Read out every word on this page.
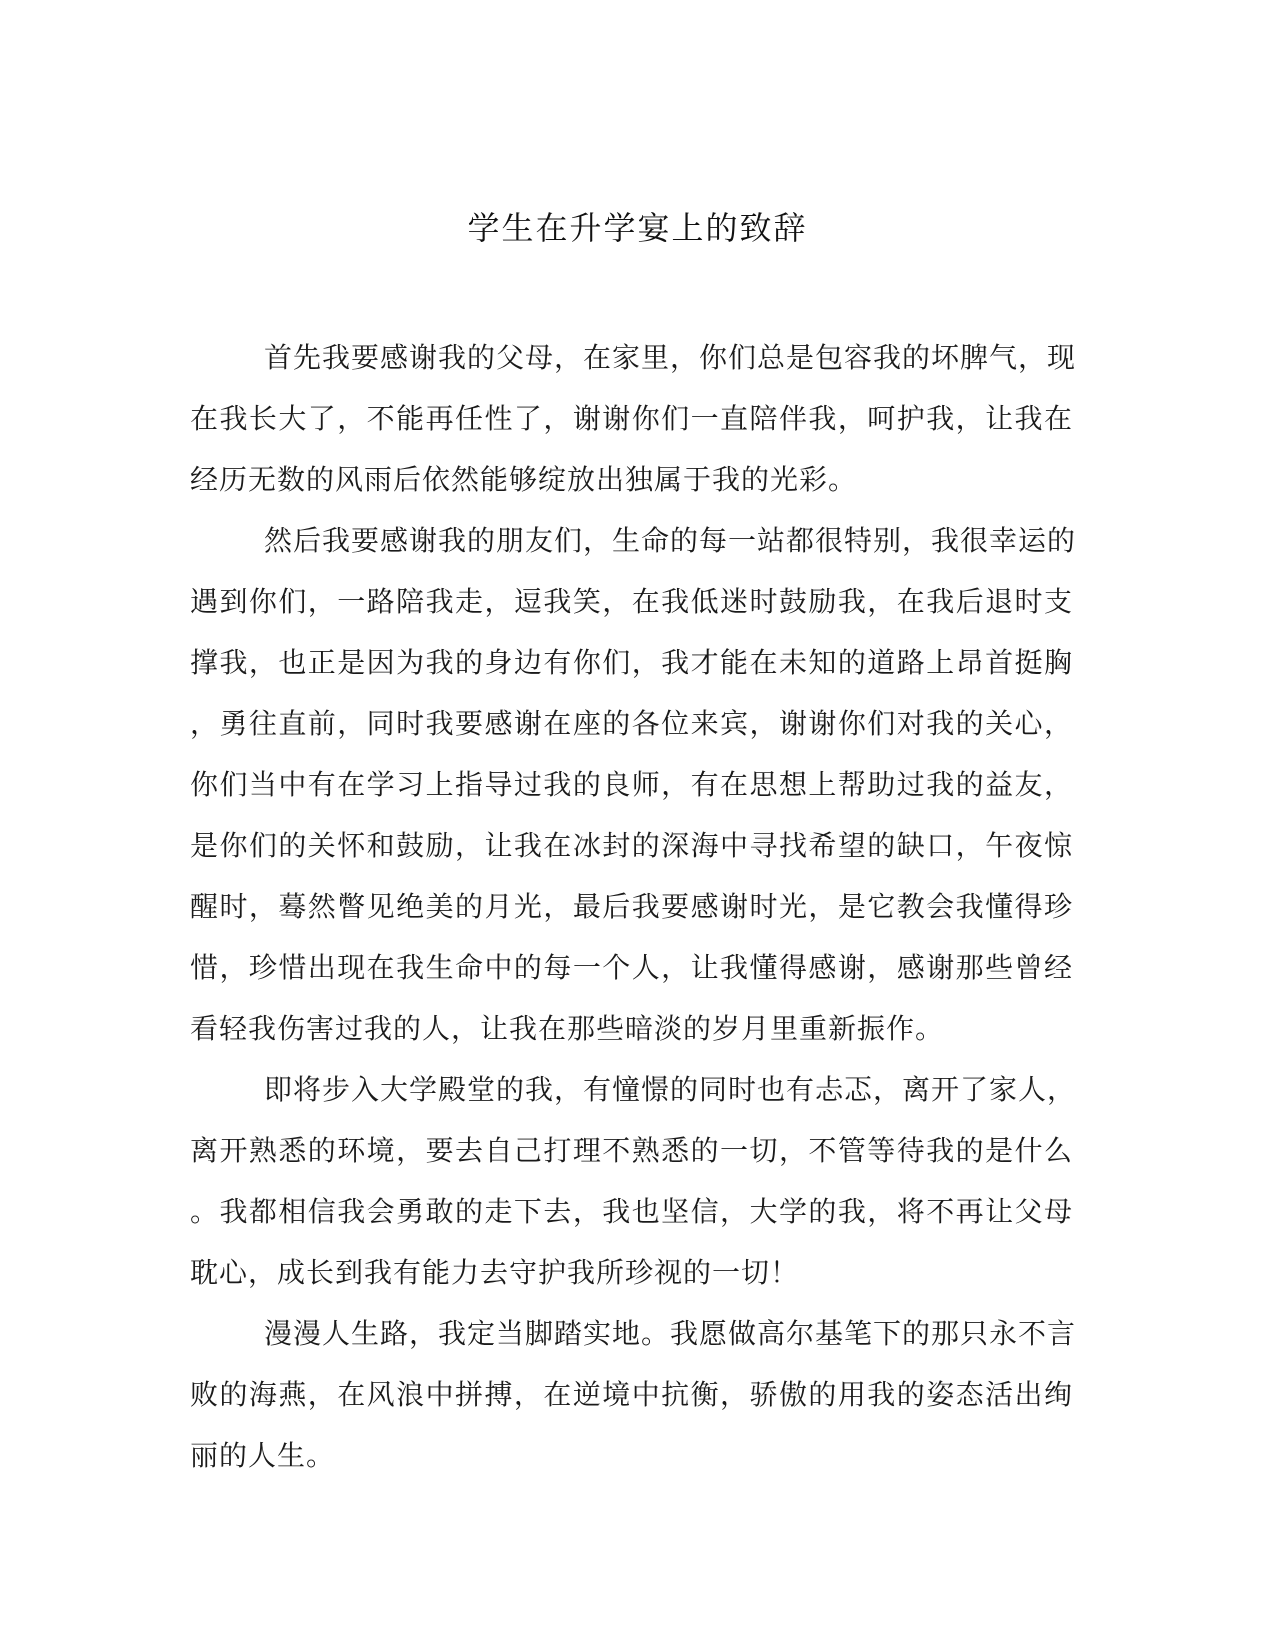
学生在升学宴上的致辞
首先我要感谢我的父母，在家里，你们总是包容我的坏脾气，现
在我长大了，不能再任性了，谢谢你们一直陪伴我，呵护我，让我在
经历无数的风雨后依然能够绽放出独属于我的光彩。
然后我要感谢我的朋友们，生命的每一站都很特别，我很幸运的
遇到你们，一路陪我走，逗我笑，在我低迷时鼓励我，在我后退时支
撑我，也正是因为我的身边有你们，我才能在未知的道路上昂首挺胸
，勇往直前，同时我要感谢在座的各位来宾，谢谢你们对我的关心，
你们当中有在学习上指导过我的良师，有在思想上帮助过我的益友，
是你们的关怀和鼓励，让我在冰封的深海中寻找希望的缺口，午夜惊
醒时，蓦然瞥见绝美的月光，最后我要感谢时光，是它教会我懂得珍
惜，珍惜出现在我生命中的每一个人，让我懂得感谢，感谢那些曾经
看轻我伤害过我的人，让我在那些暗淡的岁月里重新振作。
即将步入大学殿堂的我，有憧憬的同时也有忐忑，离开了家人，
离开熟悉的环境，要去自己打理不熟悉的一切，不管等待我的是什么
。我都相信我会勇敢的走下去，我也坚信，大学的我，将不再让父母
耽心，成长到我有能力去守护我所珍视的一切！
漫漫人生路，我定当脚踏实地。我愿做高尔基笔下的那只永不言
败的海燕，在风浪中拼搏，在逆境中抗衡，骄傲的用我的姿态活出绚
丽的人生。
